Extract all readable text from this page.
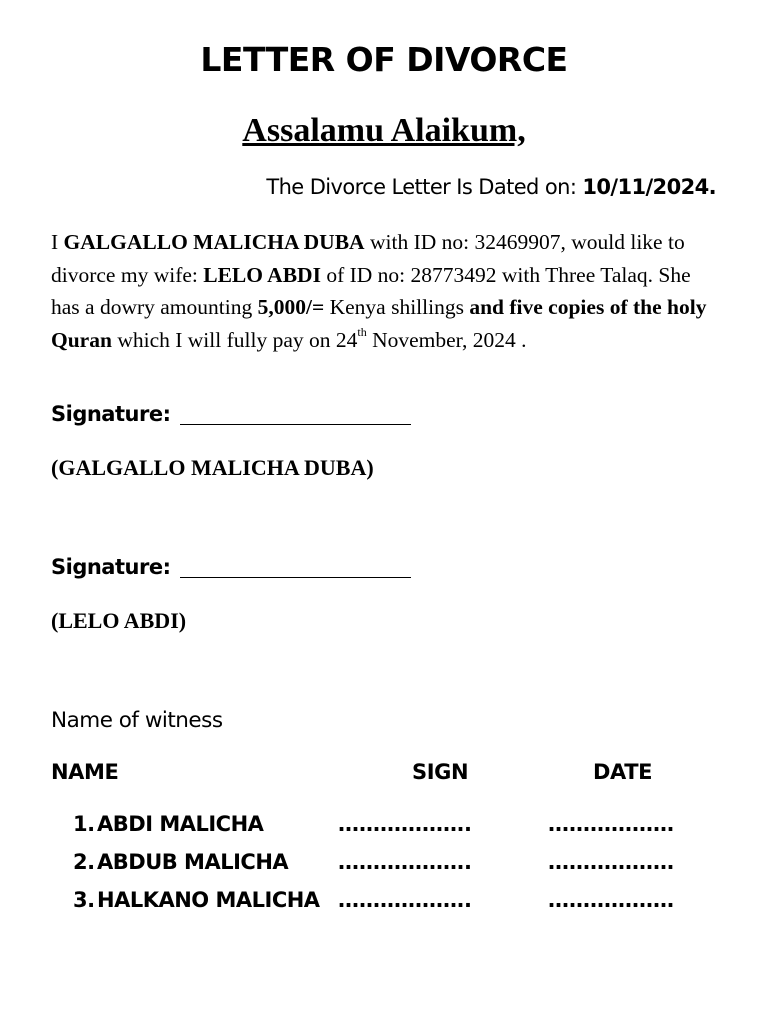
LETTER OF DIVORCE
Assalamu Alaikum,
The Divorce Letter Is Dated on: 10/11/2024.
I GALGALLO MALICHA DUBA with ID no: 32469907, would like to divorce my wife: LELO ABDI of ID no: 28773492 with Three Talaq. She has a dowry amounting 5,000/= Kenya shillings and five copies of the holy Quran which I will fully pay on 24th November, 2024 .
Signature:
(GALGALLO MALICHA DUBA)
Signature:
(LELO ABDI)
Name of witness
NAME	SIGN	DATE
1. ABDI MALICHA	……………….	………………
2. ABDUB MALICHA ……………….	………………
3. HALKANO MALICHA ……………….	………………
